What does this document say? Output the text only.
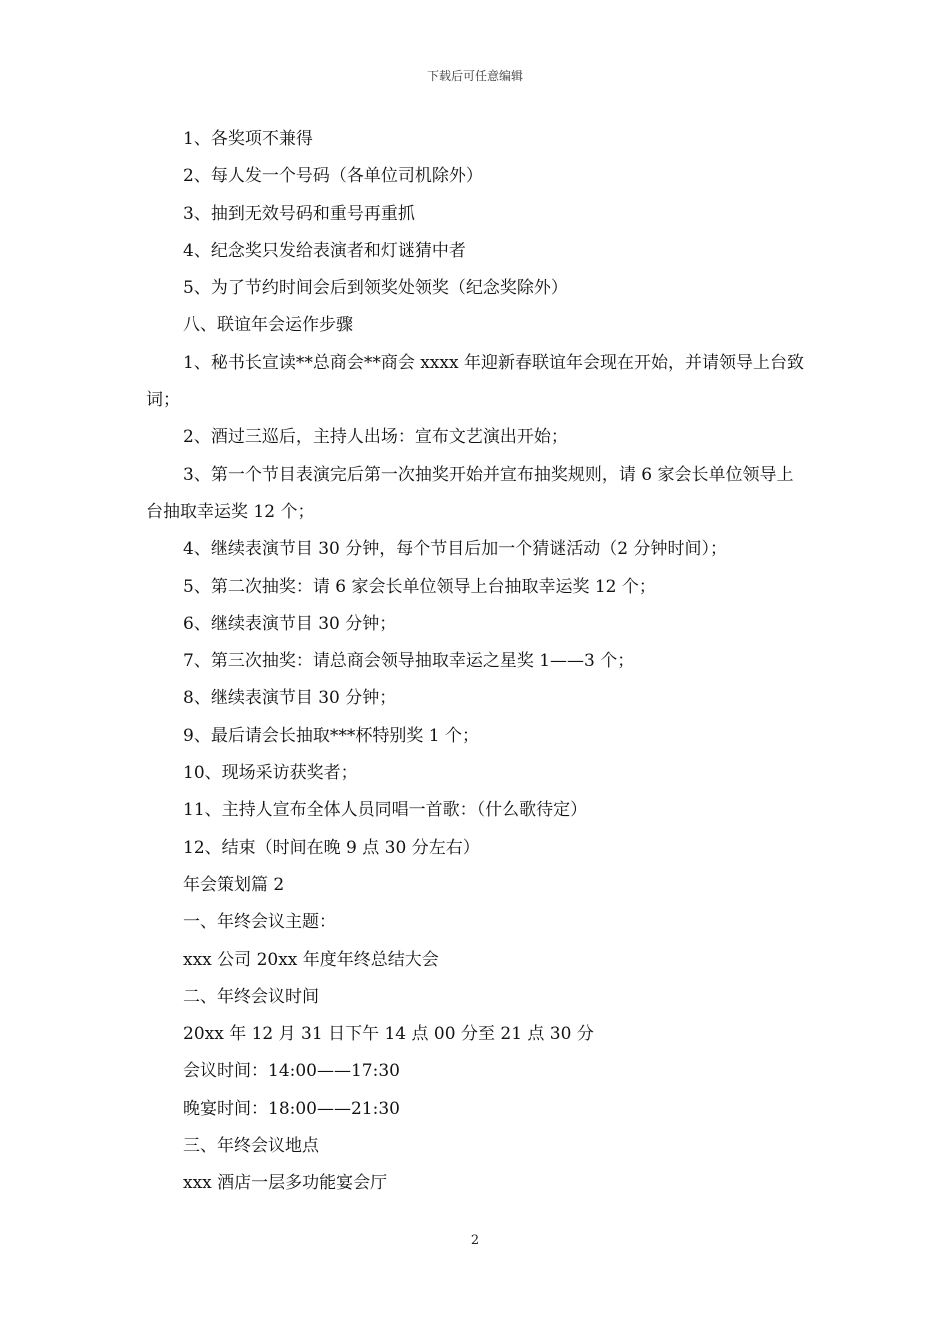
下载后可任意编辑

1、各奖项不兼得

2、每人发一个号码（各单位司机除外）

3、抽到无效号码和重号再重抓

4、纪念奖只发给表演者和灯谜猜中者

5、为了节约时间会后到领奖处领奖（纪念奖除外）

八、联谊年会运作步骤

1、秘书长宣读**总商会**商会 xxxx 年迎新春联谊年会现在开始，并请领导上台致词；

2、酒过三巡后，主持人出场：宣布文艺演出开始；

3、第一个节目表演完后第一次抽奖开始并宣布抽奖规则，请 6 家会长单位领导上台抽取幸运奖 12 个；

4、继续表演节目 30 分钟，每个节目后加一个猜谜活动（2 分钟时间）；

5、第二次抽奖：请 6 家会长单位领导上台抽取幸运奖 12 个；

6、继续表演节目 30 分钟；

7、第三次抽奖：请总商会领导抽取幸运之星奖 1——3 个；

8、继续表演节目 30 分钟；

9、最后请会长抽取***杯特别奖 1 个；

10、现场采访获奖者；

11、主持人宣布全体人员同唱一首歌：（什么歌待定）

12、结束（时间在晚 9 点 30 分左右）

年会策划篇 2

一、年终会议主题：

xxx 公司 20xx 年度年终总结大会

二、年终会议时间

20xx 年 12 月 31 日下午 14 点 00 分至 21 点 30 分

会议时间：14:00——17:30

晚宴时间：18:00——21:30

三、年终会议地点

xxx 酒店一层多功能宴会厅

2
